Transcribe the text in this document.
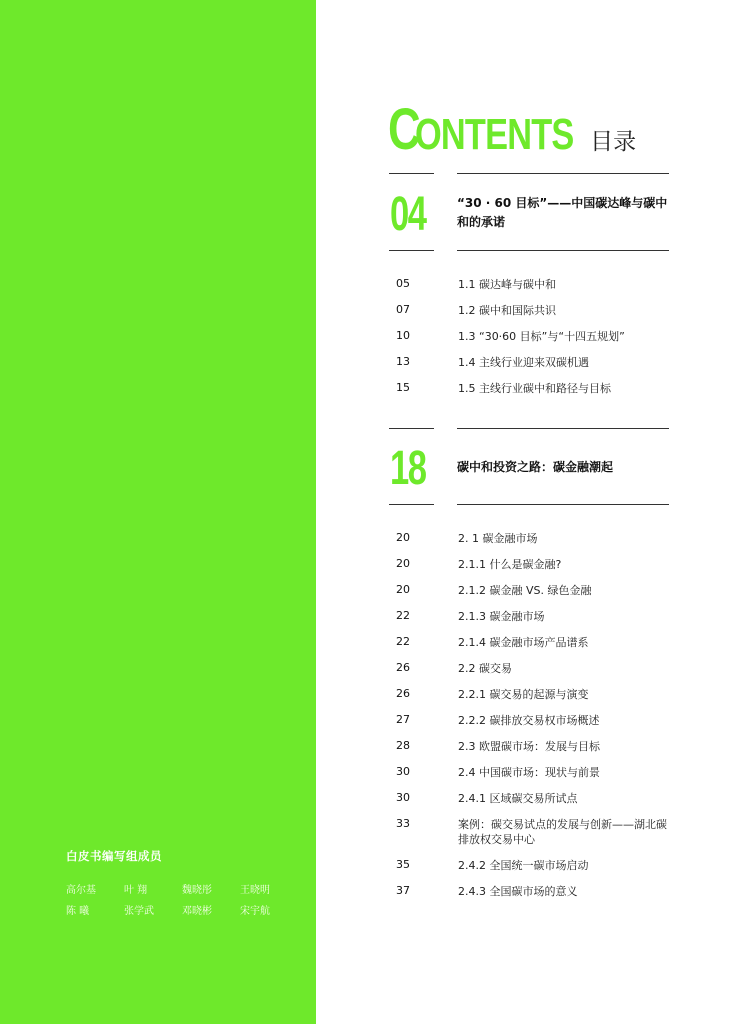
白皮书编写组成员
高尔基	叶 翔	魏晓彤	王晓明
陈 曦	张学武	邓晓彬	宋宇航
C
ONTENTS 目录
04	“30 · 60 目标”——中国碳达峰与碳中和的承诺
05	1.1 碳达峰与碳中和
07	1.2 碳中和国际共识
10	1.3 “30·60 目标”与“十四五规划”
13	1.4 主线行业迎来双碳机遇
15	1.5 主线行业碳中和路径与目标
18	碳中和投资之路：碳金融潮起
20	2. 1 碳金融市场
20	2.1.1 什么是碳金融?
20	2.1.2 碳金融 VS. 绿色金融
22	2.1.3 碳金融市场
22	2.1.4 碳金融市场产品谱系
26	2.2 碳交易
26	2.2.1 碳交易的起源与演变
27	2.2.2 碳排放交易权市场概述
28	2.3 欧盟碳市场：发展与目标
30	2.4 中国碳市场：现状与前景
30	2.4.1 区域碳交易所试点
33	案例：碳交易试点的发展与创新——湖北碳排放权交易中心
35	2.4.2 全国统一碳市场启动
37	2.4.3 全国碳市场的意义
